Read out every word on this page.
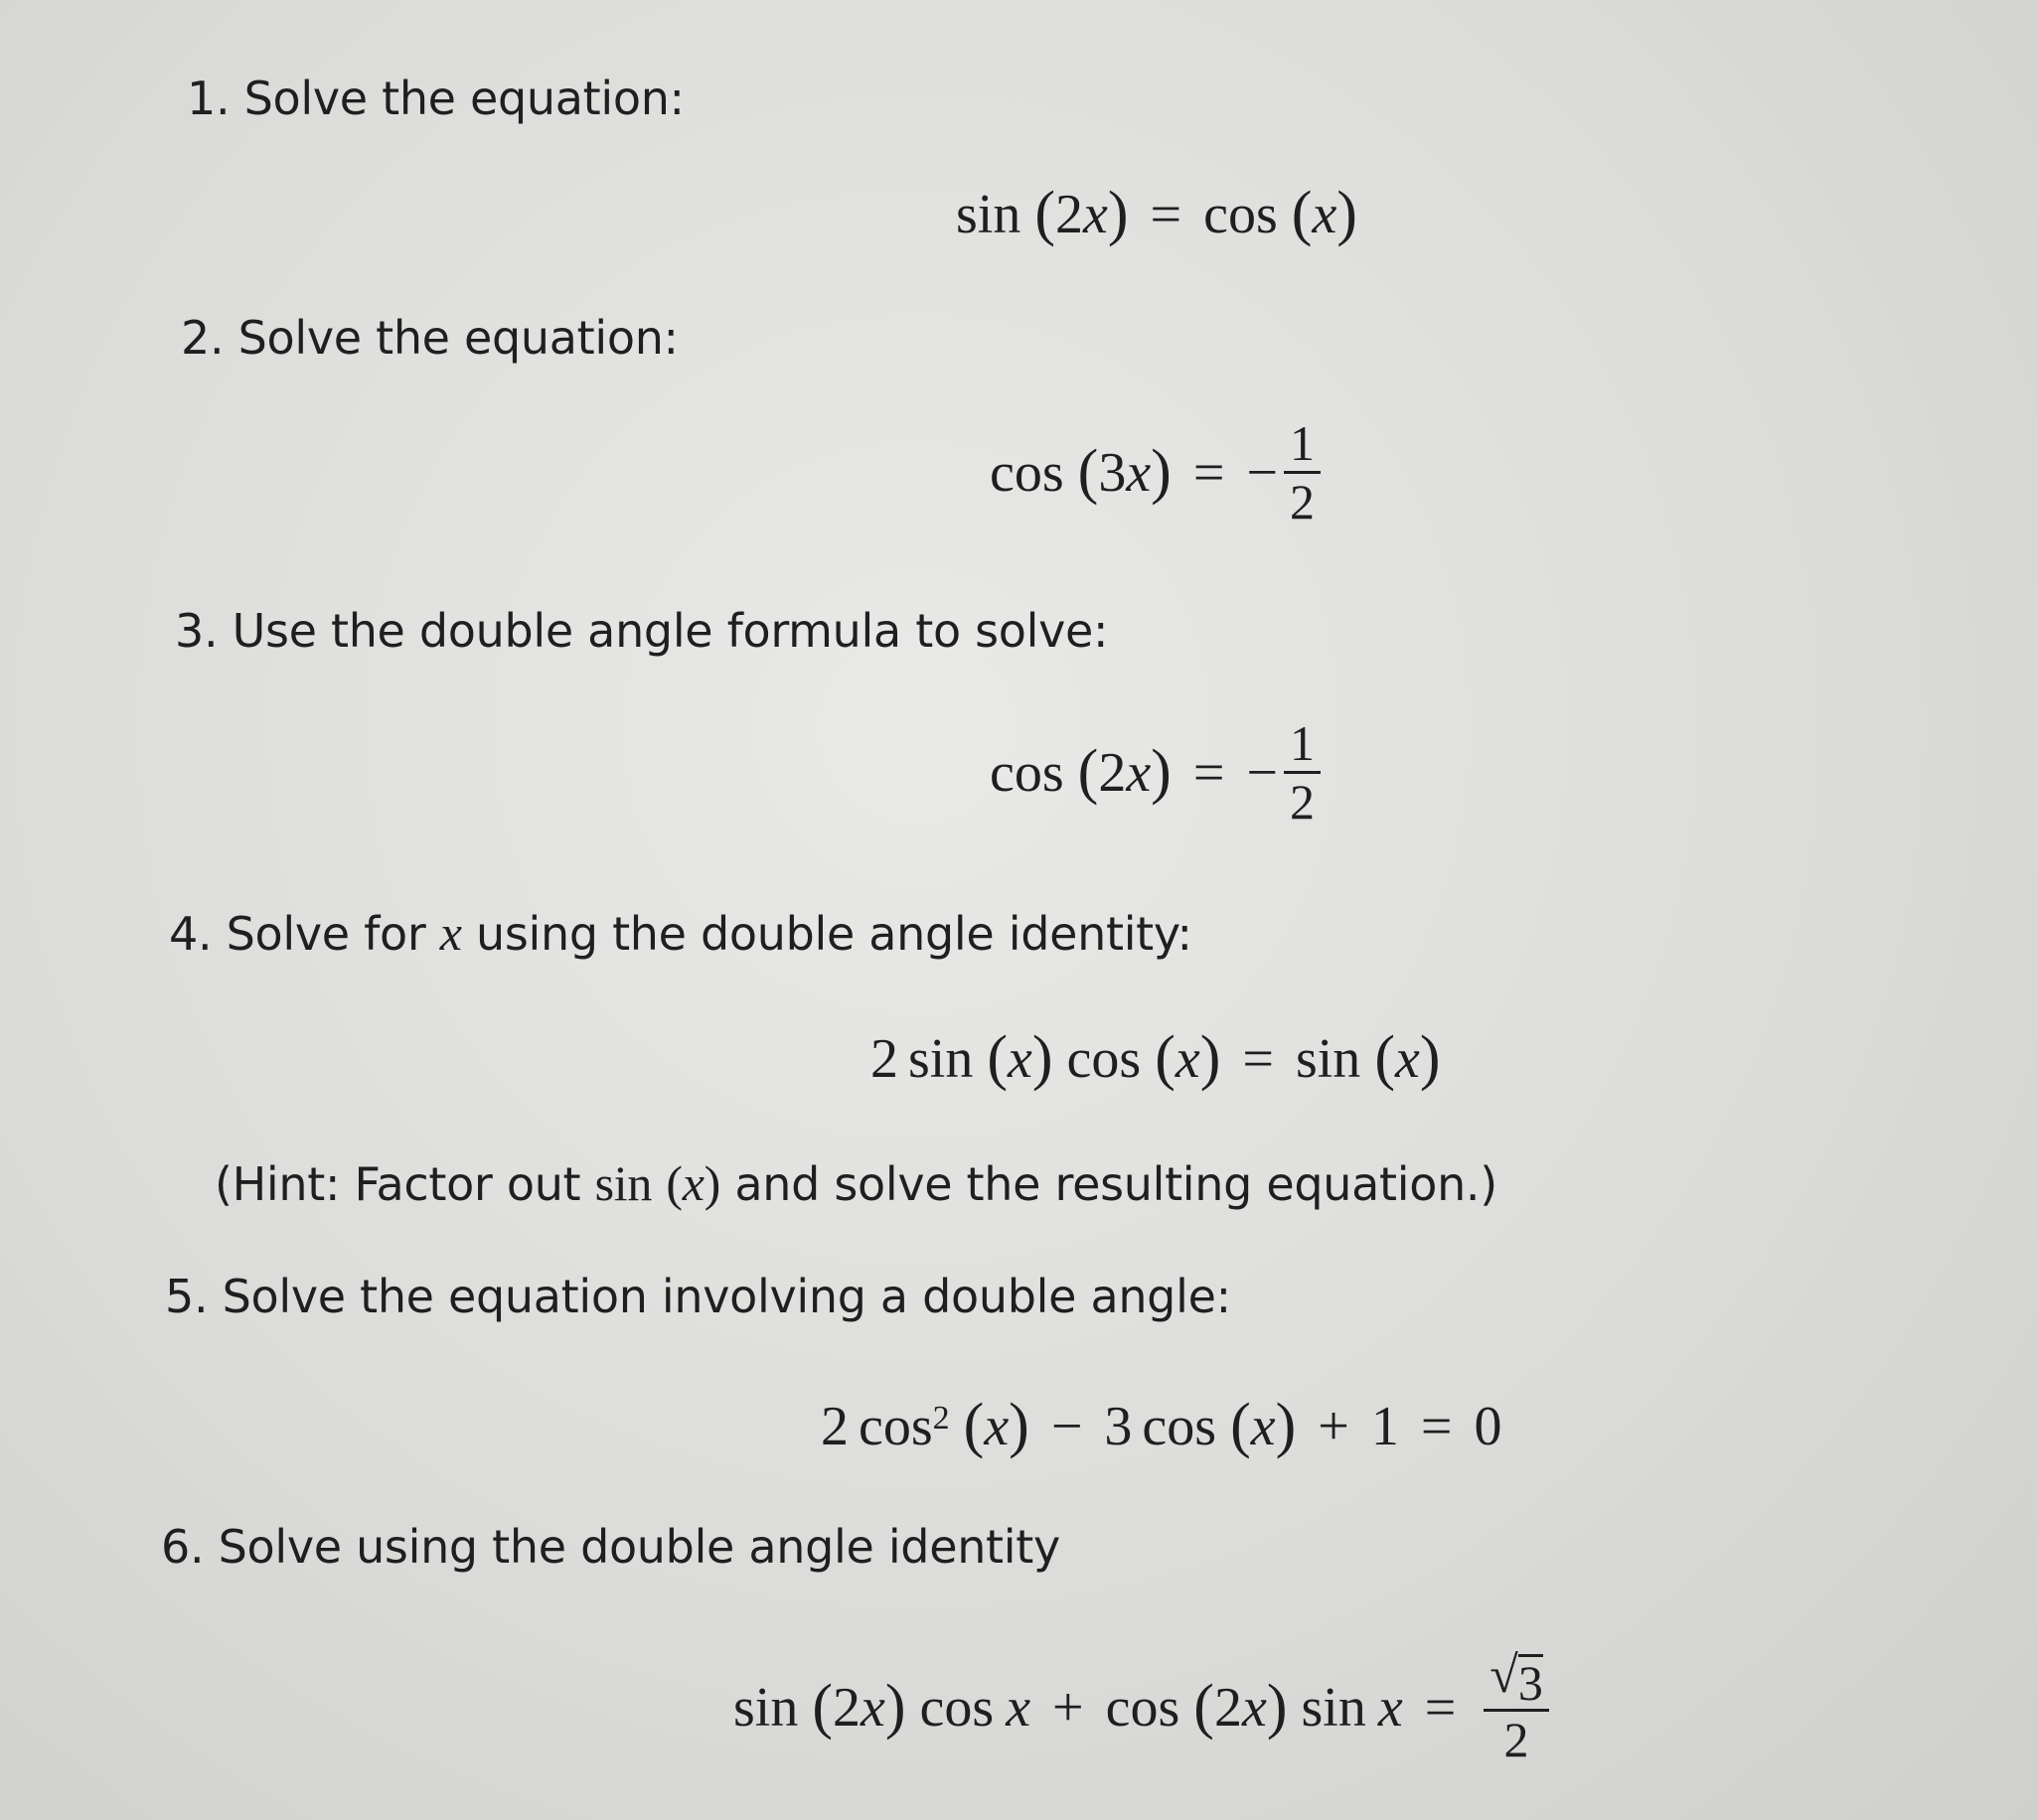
1. Solve the equation:
sin ( 2 x ) = cos ( x )
2. Solve the equation:
cos ( 3 x ) = − $\frac{1}{2}$
3. Use the double angle formula to solve:
cos ( 2 x ) = − $\frac{1}{2}$
4. Solve for x using the double angle identity:
2 sin ( x ) cos ( x ) = sin ( x )
(Hint: Factor out sin (x) and solve the resulting equation.)
5. Solve the equation involving a double angle:
2 cos 2 ( x ) − 3 cos ( x ) + 1 = 0
6. Solve using the double angle identity
sin ( 2 x ) cos x + cos ( 2 x ) $\sin x = \frac{√ 3}{2}$
